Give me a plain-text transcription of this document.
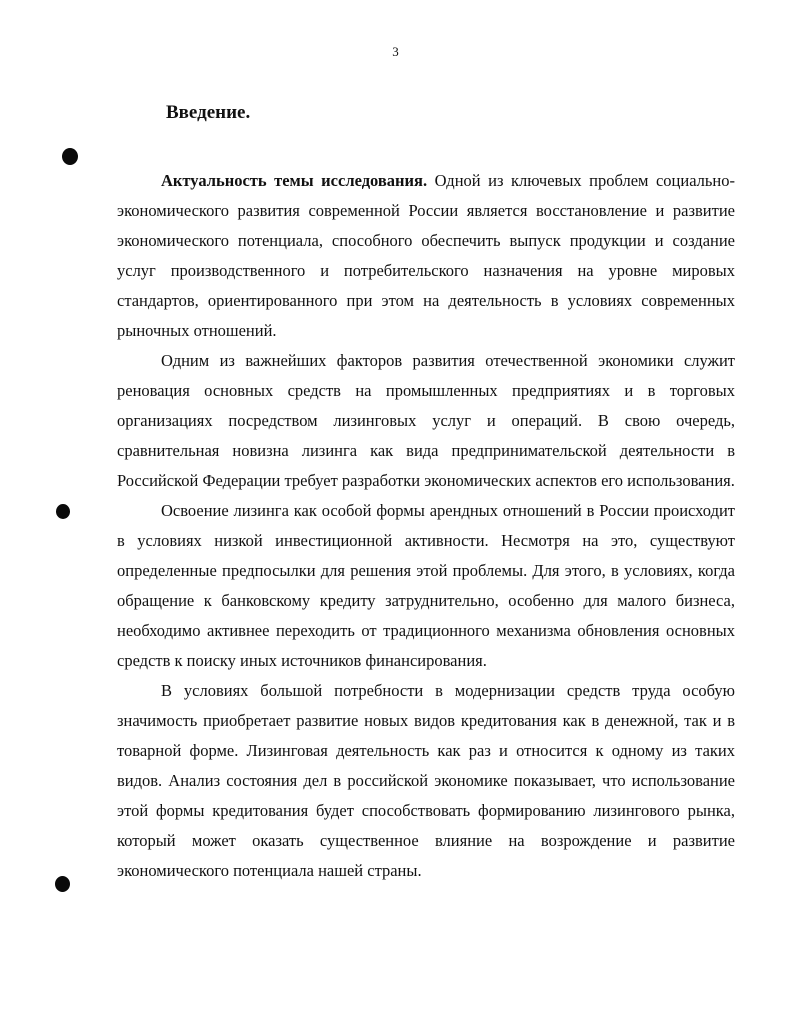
3
Введение.

Актуальность темы исследования. Одной из ключевых проблем социально-экономического развития современной России является восстановление и развитие экономического потенциала, способного обеспечить выпуск продукции и создание услуг производственного и потребительского назначения на уровне мировых стандартов, ориентированного при этом на деятельность в условиях современных рыночных отношений.

Одним из важнейших факторов развития отечественной экономики служит реновация основных средств на промышленных предприятиях и в торговых организациях посредством лизинговых услуг и операций. В свою очередь, сравнительная новизна лизинга как вида предпринимательской деятельности в Российской Федерации требует разработки экономических аспектов его использования.

Освоение лизинга как особой формы арендных отношений в России происходит в условиях низкой инвестиционной активности. Несмотря на это, существуют определенные предпосылки для решения этой проблемы. Для этого, в условиях, когда обращение к банковскому кредиту затруднительно, особенно для малого бизнеса, необходимо активнее переходить от традиционного механизма обновления основных средств к поиску иных источников финансирования.

В условиях большой потребности в модернизации средств труда особую значимость приобретает развитие новых видов кредитования как в денежной, так и в товарной форме. Лизинговая деятельность как раз и относится к одному из таких видов. Анализ состояния дел в российской экономике показывает, что использование этой формы кредитования будет способствовать формированию лизингового рынка, который может оказать существенное влияние на возрождение и развитие экономического потенциала нашей страны.
